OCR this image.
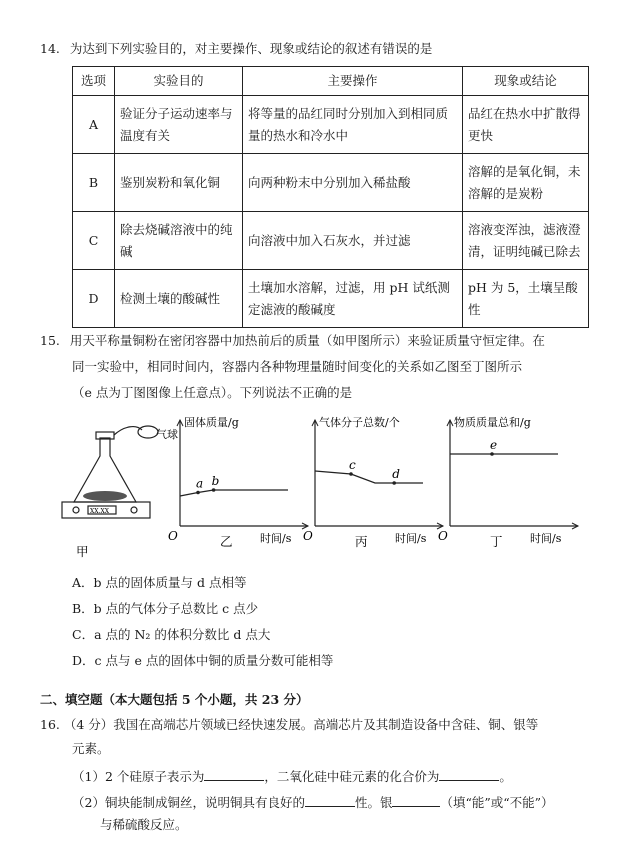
14. 为达到下列实验目的，对主要操作、现象或结论的叙述有错误的是
选项	实验目的	主要操作	现象或结论
A	验证分子运动速率与温度有关	将等量的品红同时分别加入到相同质量的热水和冷水中	品红在热水中扩散得更快
B	鉴别炭粉和氧化铜	向两种粉末中分别加入稀盐酸	溶解的是氧化铜，未溶解的是炭粉
C	除去烧碱溶液中的纯碱	向溶液中加入石灰水，并过滤	溶液变浑浊，滤液澄清，证明纯碱已除去
D	检测土壤的酸碱性	土壤加水溶解，过滤，用 pH 试纸测定滤液的酸碱度	pH 为 5，土壤呈酸性
15. 用天平称量铜粉在密闭容器中加热前后的质量（如甲图所示）来验证质量守恒定律。在
同一实验中，相同时间内，容器内各种物理量随时间变化的关系如乙图至丁图所示
（e 点为丁图图像上任意点）。下列说法不正确的是
气球
XX.XX
甲
固体质量/g
时间/s
O	乙
a b
气体分子总数/个
时间/s
O	丙
c
d
物质质量总和/g
时间/s
O	丁
e
A．b 点的固体质量与 d 点相等
B．b 点的气体分子总数比 c 点少
C．a 点的 N₂ 的体积分数比 d 点大
D．c 点与 e 点的固体中铜的质量分数可能相等
二、填空题（本大题包括 5 个小题，共 23 分）
16. （4 分）我国在高端芯片领域已经快速发展。高端芯片及其制造设备中含硅、铜、银等
元素。
（1）2 个硅原子表示为	，二氧化硅中硅元素的化合价为	。
（2）铜块能制成铜丝，说明铜具有良好的	性。银	（填“能”或“不能”）
与稀硫酸反应。
